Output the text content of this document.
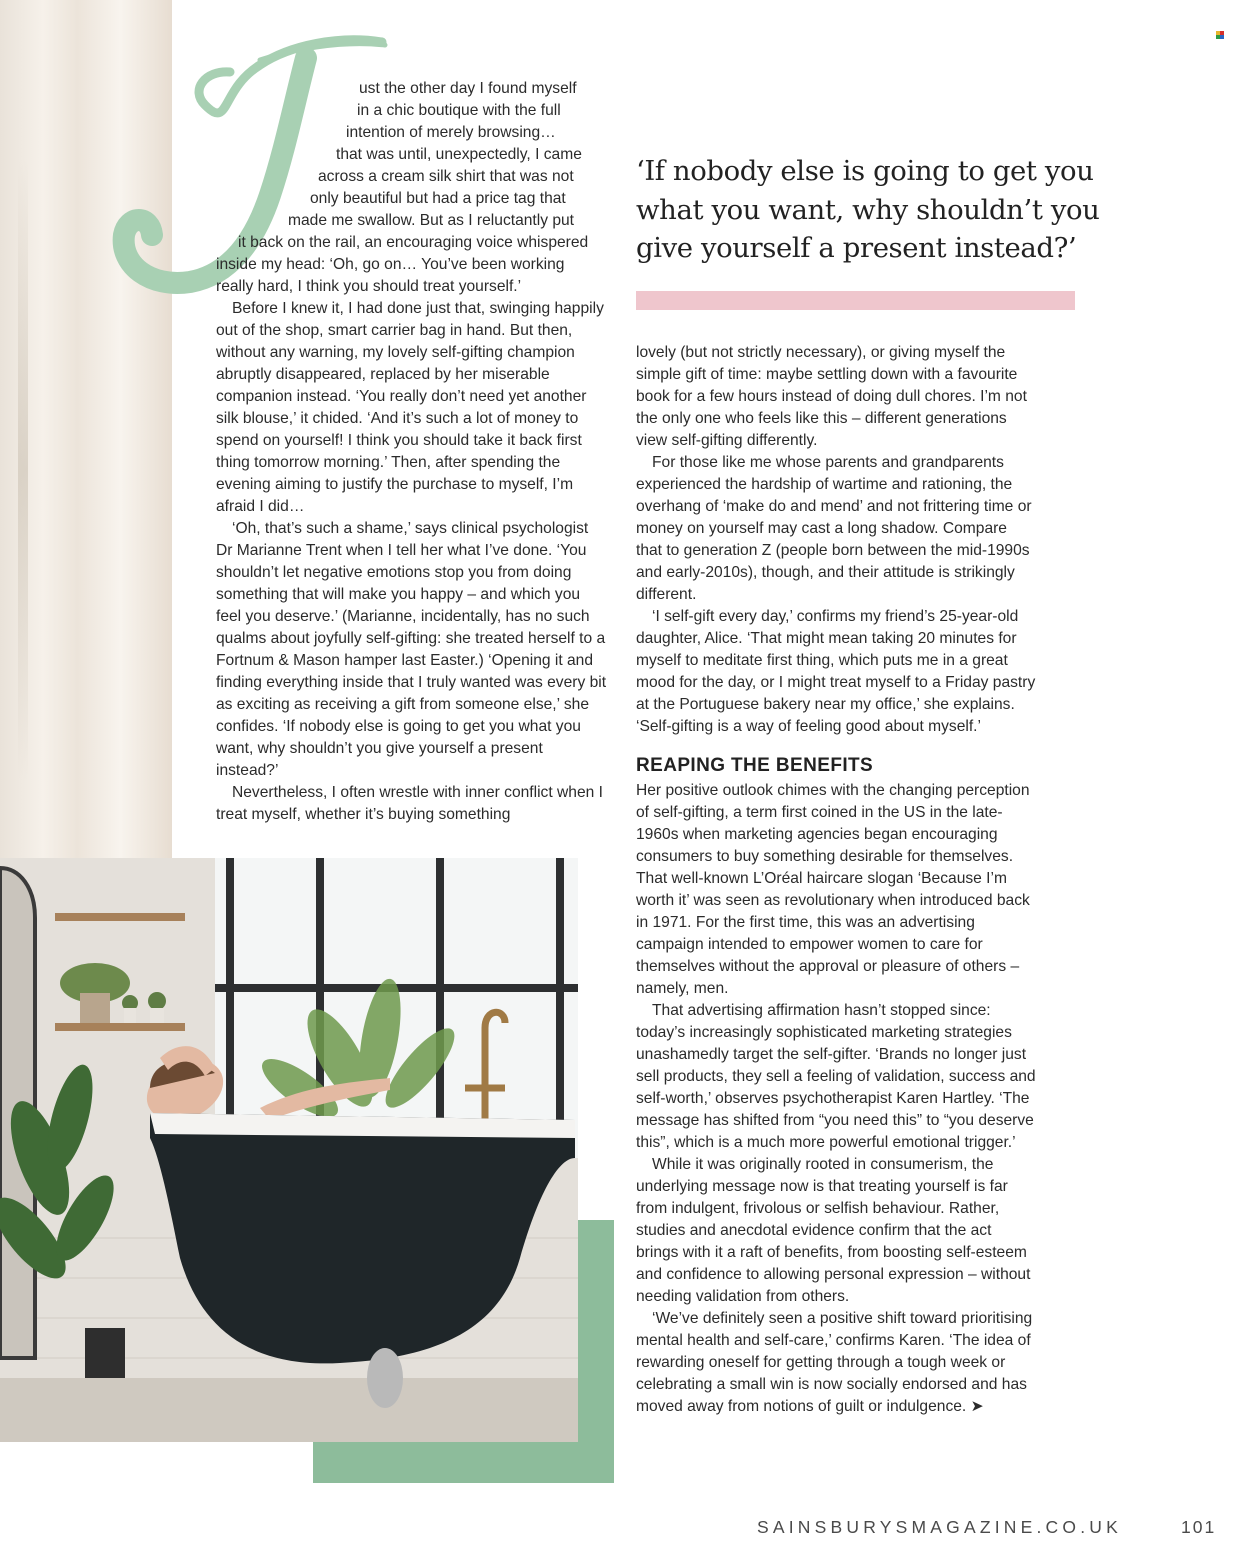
ust the other day I found myself
in a chic boutique with the full
intention of merely browsing…
that was until, unexpectedly, I came
across a cream silk shirt that was not
only beautiful but had a price tag that
made me swallow. But as I reluctantly put
it back on the rail, an encouraging voice whispered
inside my head: ‘Oh, go on… You’ve been working
really hard, I think you should treat yourself.’

Before I knew it, I had done just that, swinging happily out of the shop, smart carrier bag in hand. But then, without any warning, my lovely self-gifting champion abruptly disappeared, replaced by her miserable companion instead. ‘You really don’t need yet another silk blouse,’ it chided. ‘And it’s such a lot of money to spend on yourself! I think you should take it back first thing tomorrow morning.’ Then, after spending the evening aiming to justify the purchase to myself, I’m afraid I did…

‘Oh, that’s such a shame,’ says clinical psychologist Dr Marianne Trent when I tell her what I’ve done. ‘You shouldn’t let negative emotions stop you from doing something that will make you happy – and which you feel you deserve.’ (Marianne, incidentally, has no such qualms about joyfully self-gifting: she treated herself to a Fortnum & Mason hamper last Easter.) ‘Opening it and finding everything inside that I truly wanted was every bit as exciting as receiving a gift from someone else,’ she confides. ‘If nobody else is going to get you what you want, why shouldn’t you give yourself a present instead?’

Nevertheless, I often wrestle with inner conflict when I treat myself, whether it’s buying something

‘If nobody else is going to get you what you want, why shouldn’t you give yourself a present instead?’

lovely (but not strictly necessary), or giving myself the simple gift of time: maybe settling down with a favourite book for a few hours instead of doing dull chores. I’m not the only one who feels like this – different generations view self-gifting differently.

For those like me whose parents and grandparents experienced the hardship of wartime and rationing, the overhang of ‘make do and mend’ and not frittering time or money on yourself may cast a long shadow. Compare that to generation Z (people born between the mid-1990s and early-2010s), though, and their attitude is strikingly different.

‘I self-gift every day,’ confirms my friend’s 25-year-old daughter, Alice. ‘That might mean taking 20 minutes for myself to meditate first thing, which puts me in a great mood for the day, or I might treat myself to a Friday pastry at the Portuguese bakery near my office,’ she explains. ‘Self-gifting is a way of feeling good about myself.’

REAPING THE BENEFITS

Her positive outlook chimes with the changing perception of self-gifting, a term first coined in the US in the late-1960s when marketing agencies began encouraging consumers to buy something desirable for themselves. That well-known L’Oréal haircare slogan ‘Because I’m worth it’ was seen as revolutionary when introduced back in 1971. For the first time, this was an advertising campaign intended to empower women to care for themselves without the approval or pleasure of others – namely, men.

That advertising affirmation hasn’t stopped since: today’s increasingly sophisticated marketing strategies unashamedly target the self-gifter. ‘Brands no longer just sell products, they sell a feeling of validation, success and self-worth,’ observes psychotherapist Karen Hartley. ‘The message has shifted from “you need this” to “you deserve this”, which is a much more powerful emotional trigger.’

While it was originally rooted in consumerism, the underlying message now is that treating yourself is far from indulgent, frivolous or selfish behaviour. Rather, studies and anecdotal evidence confirm that the act brings with it a raft of benefits, from boosting self-esteem and confidence to allowing personal expression – without needing validation from others.

‘We’ve definitely seen a positive shift toward prioritising mental health and self-care,’ confirms Karen. ‘The idea of rewarding oneself for getting through a tough week or celebrating a small win is now socially endorsed and has moved away from notions of guilt or indulgence. ➤

SAINSBURYSMAGAZINE.CO.UK	101
